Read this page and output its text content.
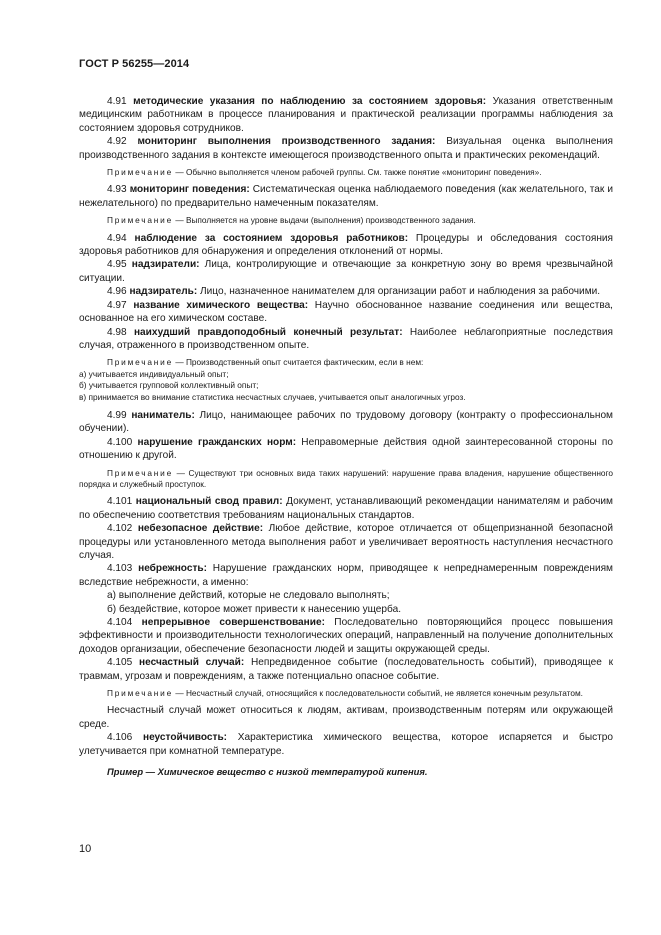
ГОСТ Р 56255—2014

4.91 методические указания по наблюдению за состоянием здоровья: Указания ответственным медицинским работникам в процессе планирования и практической реализации программы наблюдения за состоянием здоровья сотрудников.

4.92 мониторинг выполнения производственного задания: Визуальная оценка выполнения производственного задания в контексте имеющегося производственного опыта и практических рекомендаций.

Примечание — Обычно выполняется членом рабочей группы. См. также понятие «мониторинг поведения».

4.93 мониторинг поведения: Систематическая оценка наблюдаемого поведения (как желательного, так и нежелательного) по предварительно намеченным показателям.

Примечание — Выполняется на уровне выдачи (выполнения) производственного задания.

4.94 наблюдение за состоянием здоровья работников: Процедуры и обследования состояния здоровья работников для обнаружения и определения отклонений от нормы.

4.95 надзиратели: Лица, контролирующие и отвечающие за конкретную зону во время чрезвычайной ситуации.

4.96 надзиратель: Лицо, назначенное нанимателем для организации работ и наблюдения за рабочими.

4.97 название химического вещества: Научно обоснованное название соединения или вещества, основанное на его химическом составе.

4.98 наихудший правдоподобный конечный результат: Наиболее неблагоприятные последствия случая, отраженного в производственном опыте.

Примечание — Производственный опыт считается фактическим, если в нем:

а) учитывается индивидуальный опыт;

б) учитывается групповой коллективный опыт;

в) принимается во внимание статистика несчастных случаев, учитывается опыт аналогичных угроз.

4.99 наниматель: Лицо, нанимающее рабочих по трудовому договору (контракту о профессиональном обучении).

4.100 нарушение гражданских норм: Неправомерные действия одной заинтересованной стороны по отношению к другой.

Примечание — Существуют три основных вида таких нарушений: нарушение права владения, нарушение общественного порядка и служебный проступок.

4.101 национальный свод правил: Документ, устанавливающий рекомендации нанимателям и рабочим по обеспечению соответствия требованиям национальных стандартов.

4.102 небезопасное действие: Любое действие, которое отличается от общепризнанной безопасной процедуры или установленного метода выполнения работ и увеличивает вероятность наступления несчастного случая.

4.103 небрежность: Нарушение гражданских норм, приводящее к непреднамеренным повреждениям вследствие небрежности, а именно:

а) выполнение действий, которые не следовало выполнять;

б) бездействие, которое может привести к нанесению ущерба.

4.104 непрерывное совершенствование: Последовательно повторяющийся процесс повышения эффективности и производительности технологических операций, направленный на получение дополнительных доходов организации, обеспечение безопасности людей и защиты окружающей среды.

4.105 несчастный случай: Непредвиденное событие (последовательность событий), приводящее к травмам, угрозам и повреждениям, а также потенциально опасное событие.

Примечание — Несчастный случай, относящийся к последовательности событий, не является конечным результатом.

Несчастный случай может относиться к людям, активам, производственным потерям или окружающей среде.

4.106 неустойчивость: Характеристика химического вещества, которое испаряется и быстро улетучивается при комнатной температуре.

Пример — Химическое вещество с низкой температурой кипения.

10
